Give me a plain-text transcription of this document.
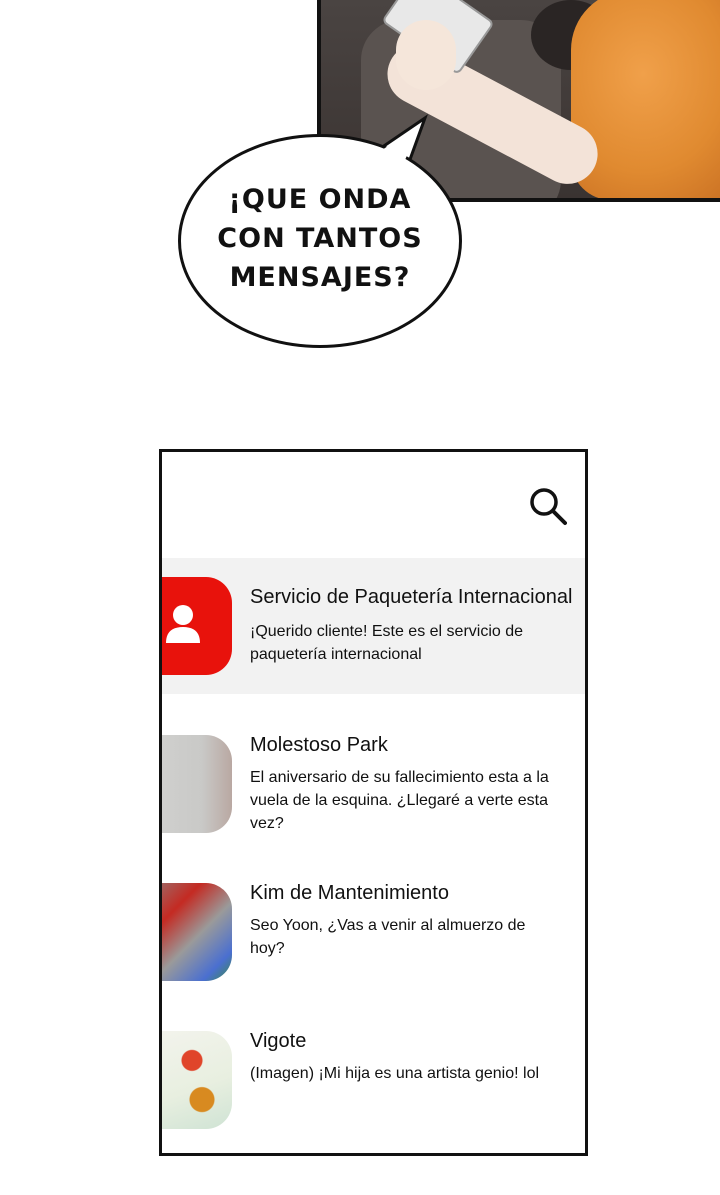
¡QUE ONDA
CON TANTOS
MENSAJES?
Servicio de Paquetería Internacional
¡Querido cliente! Este es el servicio de paquetería internacional
Molestoso Park
El aniversario de su fallecimiento esta a la vuela de la esquina. ¿Llegaré a verte esta vez?
Kim de Mantenimiento
Seo Yoon, ¿Vas a venir al almuerzo de hoy?
Vigote
(Imagen) ¡Mi hija es una artista genio! lol
